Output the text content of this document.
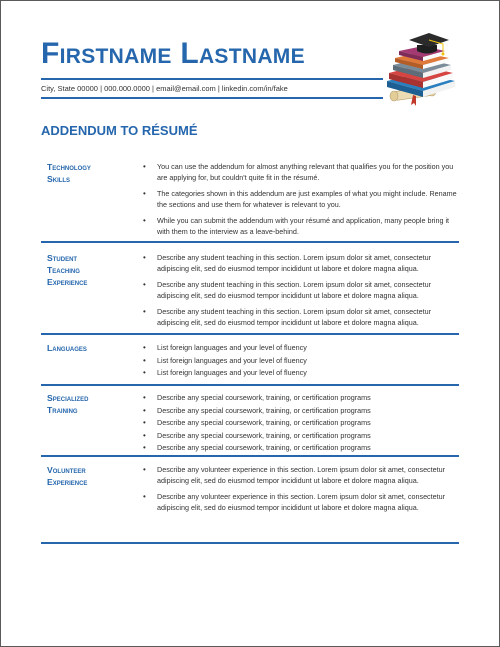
Firstname Lastname
City, State 00000 | 000.000.0000 | email@email.com | linkedin.com/in/fake
ADDENDUM TO RÉSUMÉ
Technology
Skills
• You can use the addendum for almost anything relevant that qualifies you for the position you are applying for, but couldn't quite fit in the résumé.
• The categories shown in this addendum are just examples of what you might include. Rename the sections and use them for whatever is relevant to you.
• While you can submit the addendum with your résumé and application, many people bring it with them to the interview as a leave-behind.
Student
Teaching
Experience
• Describe any student teaching in this section. Lorem ipsum dolor sit amet, consectetur adipiscing elit, sed do eiusmod tempor incididunt ut labore et dolore magna aliqua.
• Describe any student teaching in this section. Lorem ipsum dolor sit amet, consectetur adipiscing elit, sed do eiusmod tempor incididunt ut labore et dolore magna aliqua.
• Describe any student teaching in this section. Lorem ipsum dolor sit amet, consectetur adipiscing elit, sed do eiusmod tempor incididunt ut labore et dolore magna aliqua.
Languages
•	List foreign languages and your level of fluency
• List foreign languages and your level of fluency
• List foreign languages and your level of fluency
Specialized
Training
• Describe any special coursework, training, or certification programs
• Describe any special coursework, training, or certification programs
• Describe any special coursework, training, or certification programs
• Describe any special coursework, training, or certification programs
• Describe any special coursework, training, or certification programs
Volunteer
Experience
• Describe any volunteer experience in this section. Lorem ipsum dolor sit amet, consectetur adipiscing elit, sed do eiusmod tempor incididunt ut labore et dolore magna aliqua.
• Describe any volunteer experience in this section. Lorem ipsum dolor sit amet, consectetur adipiscing elit, sed do eiusmod tempor incididunt ut labore et dolore magna aliqua.
